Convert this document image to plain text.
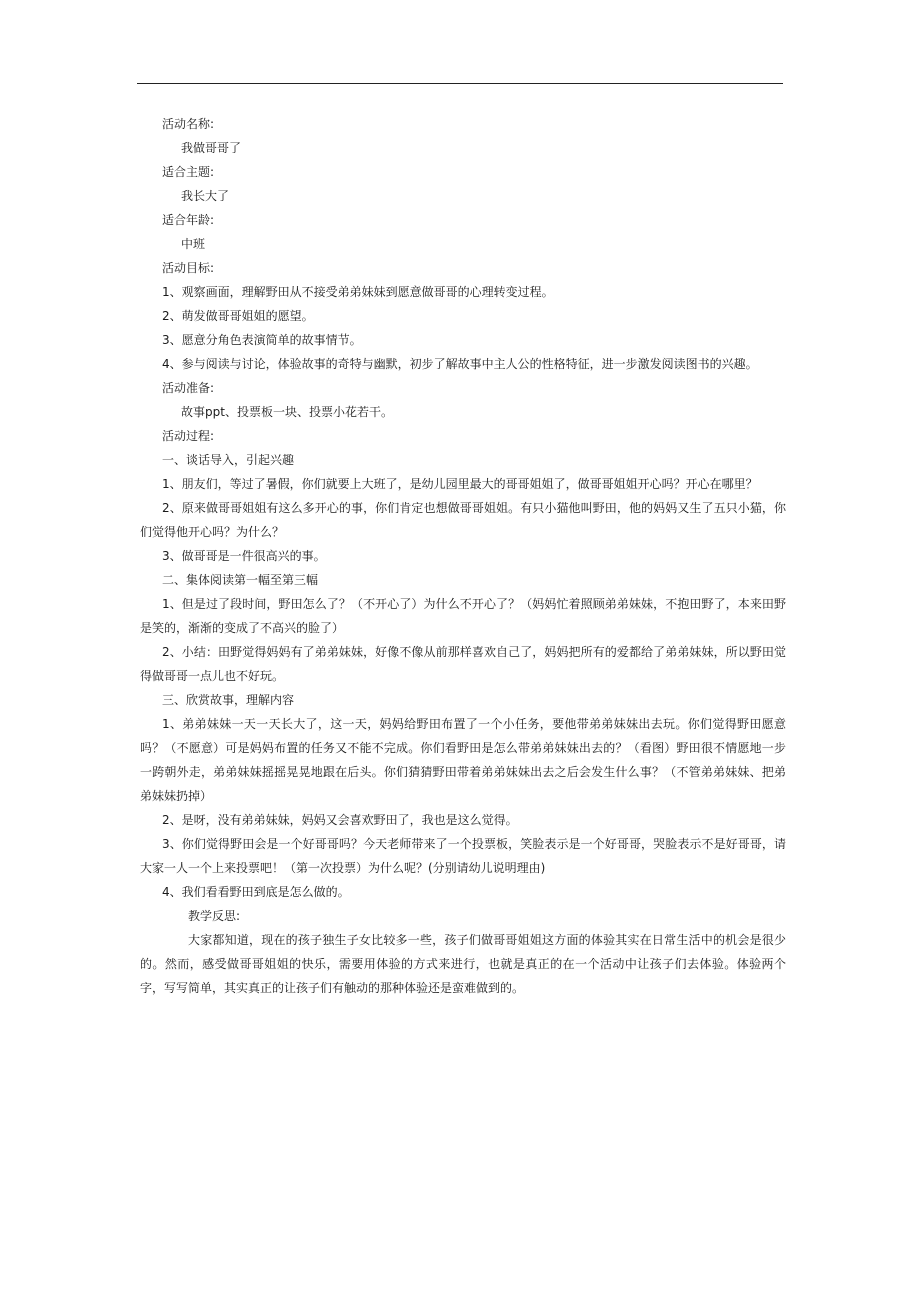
活动名称:
我做哥哥了
适合主题:
我长大了
适合年龄:
中班
活动目标:
1、观察画面，理解野田从不接受弟弟妹妹到愿意做哥哥的心理转变过程。
2、萌发做哥哥姐姐的愿望。
3、愿意分角色表演简单的故事情节。
4、参与阅读与讨论，体验故事的奇特与幽默，初步了解故事中主人公的性格特征，进一步激发阅读图书的兴趣。
活动准备:
故事ppt、投票板一块、投票小花若干。
活动过程:
一、谈话导入，引起兴趣
1、朋友们，等过了暑假，你们就要上大班了，是幼儿园里最大的哥哥姐姐了，做哥哥姐姐开心吗？开心在哪里？
2、原来做哥哥姐姐有这么多开心的事，你们肯定也想做哥哥姐姐。有只小猫他叫野田，他的妈妈又生了五只小猫，你们觉得他开心吗？为什么？
3、做哥哥是一件很高兴的事。
二、集体阅读第一幅至第三幅
1、但是过了段时间，野田怎么了？（不开心了）为什么不开心了？（妈妈忙着照顾弟弟妹妹，不抱田野了，本来田野是笑的，渐渐的变成了不高兴的脸了）
2、小结：田野觉得妈妈有了弟弟妹妹，好像不像从前那样喜欢自己了，妈妈把所有的爱都给了弟弟妹妹，所以野田觉得做哥哥一点儿也不好玩。
三、欣赏故事，理解内容
1、弟弟妹妹一天一天长大了，这一天，妈妈给野田布置了一个小任务，要他带弟弟妹妹出去玩。你们觉得野田愿意吗？（不愿意）可是妈妈布置的任务又不能不完成。你们看野田是怎么带弟弟妹妹出去的？（看图）野田很不情愿地一步一跨朝外走，弟弟妹妹摇摇晃晃地跟在后头。你们猜猜野田带着弟弟妹妹出去之后会发生什么事？（不管弟弟妹妹、把弟弟妹妹扔掉）
2、是呀，没有弟弟妹妹，妈妈又会喜欢野田了，我也是这么觉得。
3、你们觉得野田会是一个好哥哥吗？今天老师带来了一个投票板，笑脸表示是一个好哥哥，哭脸表示不是好哥哥，请大家一人一个上来投票吧！（第一次投票）为什么呢？(分别请幼儿说明理由)
4、我们看看野田到底是怎么做的。
教学反思:
大家都知道，现在的孩子独生子女比较多一些，孩子们做哥哥姐姐这方面的体验其实在日常生活中的机会是很少的。然而，感受做哥哥姐姐的快乐，需要用体验的方式来进行，也就是真正的在一个活动中让孩子们去体验。体验两个字，写写简单，其实真正的让孩子们有触动的那种体验还是蛮难做到的。
